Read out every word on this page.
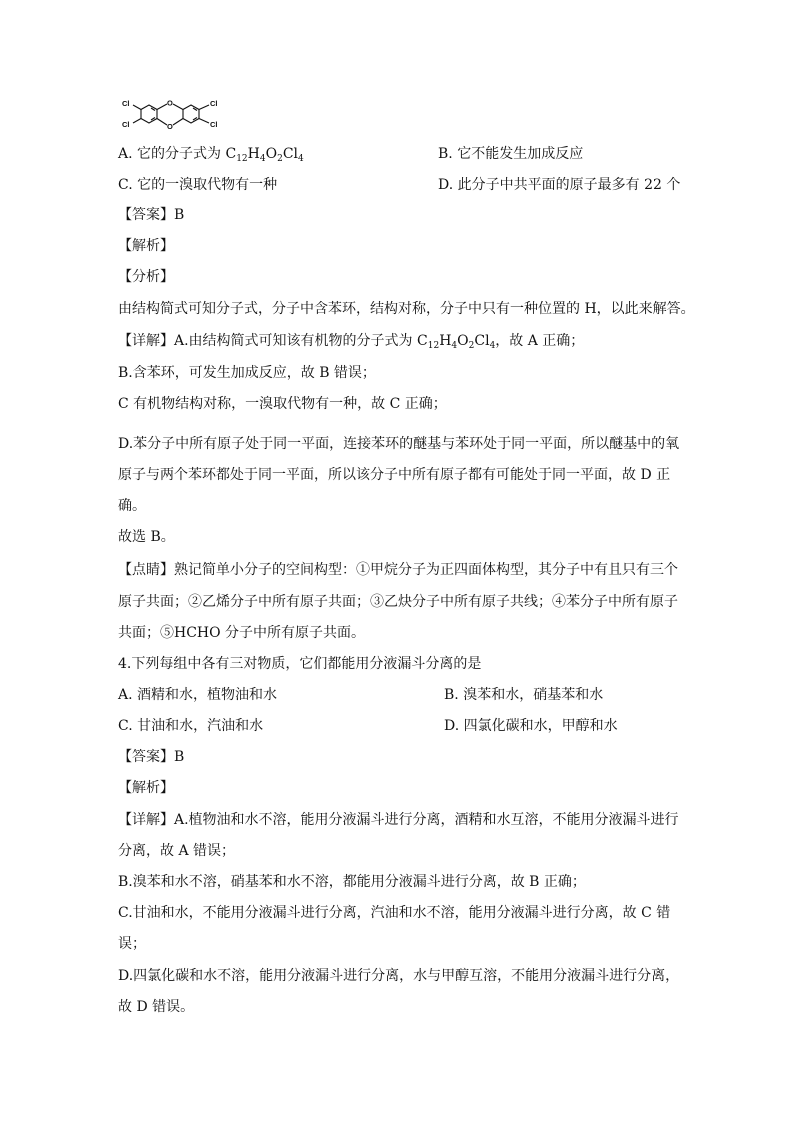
O
O
Cl
Cl
Cl
Cl
A. 它的分子式为 $C_{12}H_4O_2Cl_4$	B. 它不能发生加成反应
C. 它的一溴取代物有一种	D. 此分子中共平面的原子最多有 22 个
【答案】B
【解析】
【分析】
由结构简式可知分子式，分子中含苯环，结构对称，分子中只有一种位置的 H，以此来解答。
【详解】A.由结构简式可知该有机物的分子式为 $C_{12}H_4O_2Cl_4$，故 A 正确；
B.含苯环，可发生加成反应，故 B 错误；
C 有机物结构对称，一溴取代物有一种，故 C 正确；
D.苯分子中所有原子处于同一平面，连接苯环的醚基与苯环处于同一平面，所以醚基中的氧
原子与两个苯环都处于同一平面，所以该分子中所有原子都有可能处于同一平面，故 D 正
确。
故选 B。
【点睛】熟记简单小分子的空间构型：①甲烷分子为正四面体构型，其分子中有且只有三个
原子共面；②乙烯分子中所有原子共面；③乙炔分子中所有原子共线；④苯分子中所有原子
共面；⑤HCHO 分子中所有原子共面。
4.下列每组中各有三对物质，它们都能用分液漏斗分离的是
A. 酒精和水，植物油和水	B. 溴苯和水，硝基苯和水
C. 甘油和水，汽油和水	D. 四氯化碳和水，甲醇和水
【答案】B
【解析】
【详解】A.植物油和水不溶，能用分液漏斗进行分离，酒精和水互溶，不能用分液漏斗进行
分离，故 A 错误；
B.溴苯和水不溶，硝基苯和水不溶，都能用分液漏斗进行分离，故 B 正确；
C.甘油和水，不能用分液漏斗进行分离，汽油和水不溶，能用分液漏斗进行分离，故 C 错
误；
D.四氯化碳和水不溶，能用分液漏斗进行分离，水与甲醇互溶，不能用分液漏斗进行分离，
故 D 错误。
